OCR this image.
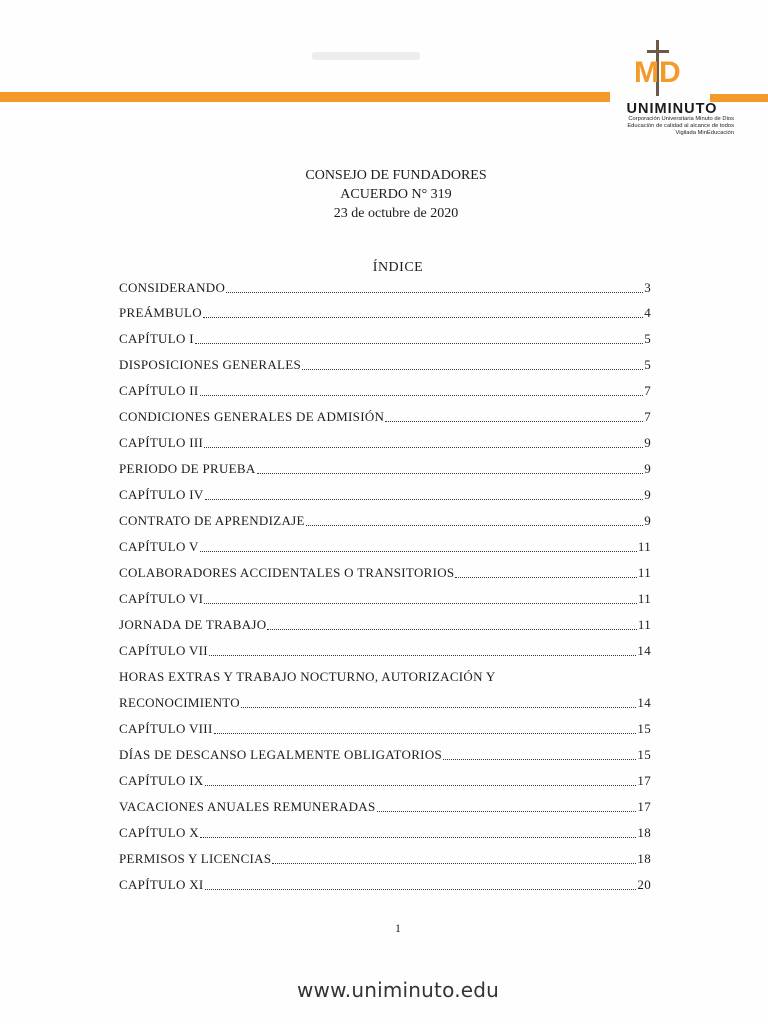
MD
UNIMINUTO
Corporación Universitaria Minuto de Dios
Educación de calidad al alcance de todos
Vigilada MinEducación
CONSEJO DE FUNDADORES
ACUERDO N° 319
23 de octubre de 2020
ÍNDICE
CONSIDERANDO	3
PREÁMBULO	4
CAPÍTULO I	5
DISPOSICIONES GENERALES	5
CAPÍTULO II	7
CONDICIONES GENERALES DE ADMISIÓN	7
CAPÍTULO III	9
PERIODO DE PRUEBA	9
CAPÍTULO IV	9
CONTRATO DE APRENDIZAJE	9
CAPÍTULO V	11
COLABORADORES ACCIDENTALES O TRANSITORIOS	11
CAPÍTULO VI	11
JORNADA DE TRABAJO	11
CAPÍTULO VII	14
HORAS EXTRAS Y TRABAJO NOCTURNO, AUTORIZACIÓN Y
RECONOCIMIENTO	14
CAPÍTULO VIII	15
DÍAS DE DESCANSO LEGALMENTE OBLIGATORIOS	15
CAPÍTULO IX	17
VACACIONES ANUALES REMUNERADAS	17
CAPÍTULO X	18
PERMISOS Y LICENCIAS	18
CAPÍTULO XI	20
1
www.uniminuto.edu
